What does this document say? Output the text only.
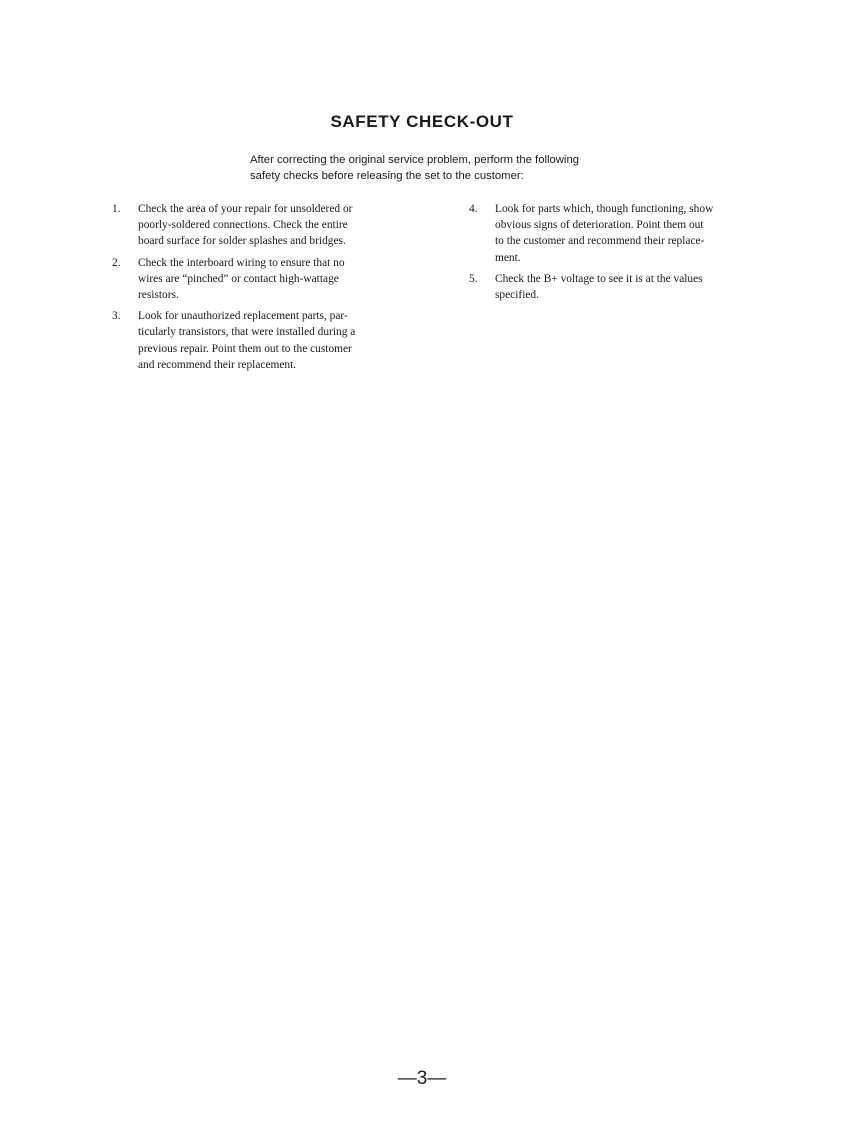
SAFETY CHECK-OUT

After correcting the original service problem, perform the following
safety checks before releasing the set to the customer:

1. Check the area of your repair for unsoldered or
poorly-soldered connections. Check the entire
board surface for solder splashes and bridges.
2. Check the interboard wiring to ensure that no
wires are “pinched” or contact high-wattage
resistors.
3. Look for unauthorized replacement parts, par-
ticularly transistors, that were installed during a
previous repair. Point them out to the customer
and recommend their replacement.
4. Look for parts which, though functioning, show
obvious signs of deterioration. Point them out
to the customer and recommend their replace-
ment.
5. Check the B+ voltage to see it is at the values
specified.

—3—
